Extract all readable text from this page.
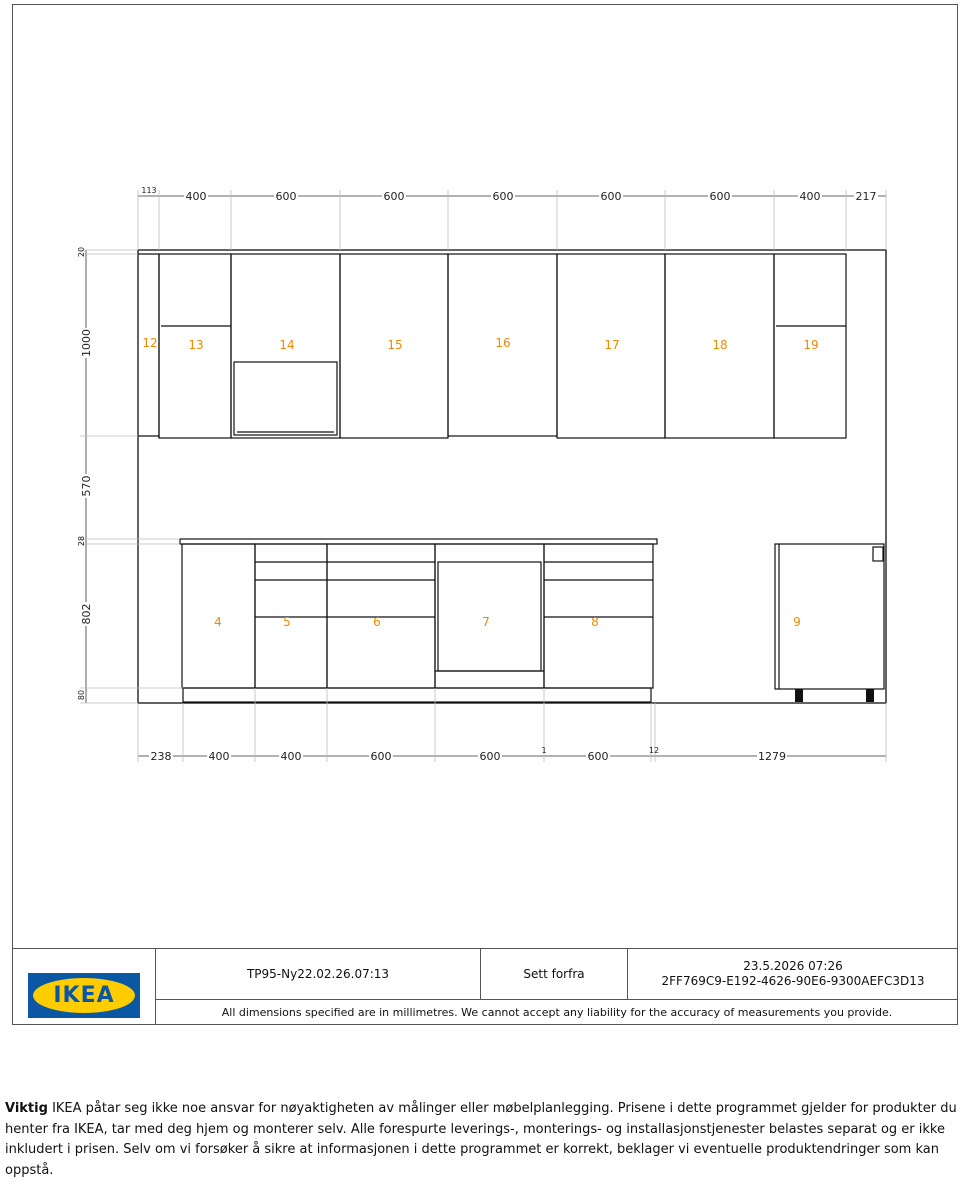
113	400	600	600	600	600	600	400	217
238	400	400	600	600	1	600	12	1279
20
1000
570
28
802
80
12	13	14	15	16	17	18	19
4	5	6	7	8	9
IKEA
TP95-Ny22.02.26.07:13	Sett forfra
23.5.2026 07:26
2FF769C9-E192-4626-90E6-9300AEFC3D13
All dimensions specified are in millimetres. We cannot accept any liability for the accuracy of measurements you provide.
Viktig IKEA påtar seg ikke noe ansvar for nøyaktigheten av målinger eller møbelplanlegging. Prisene i dette programmet gjelder for produkter du henter fra IKEA, tar med deg hjem og monterer selv. Alle forespurte leverings-, monterings- og installasjonstjenester belastes separat og er ikke inkludert i prisen. Selv om vi forsøker å sikre at informasjonen i dette programmet er korrekt, beklager vi eventuelle produktendringer som kan oppstå.
